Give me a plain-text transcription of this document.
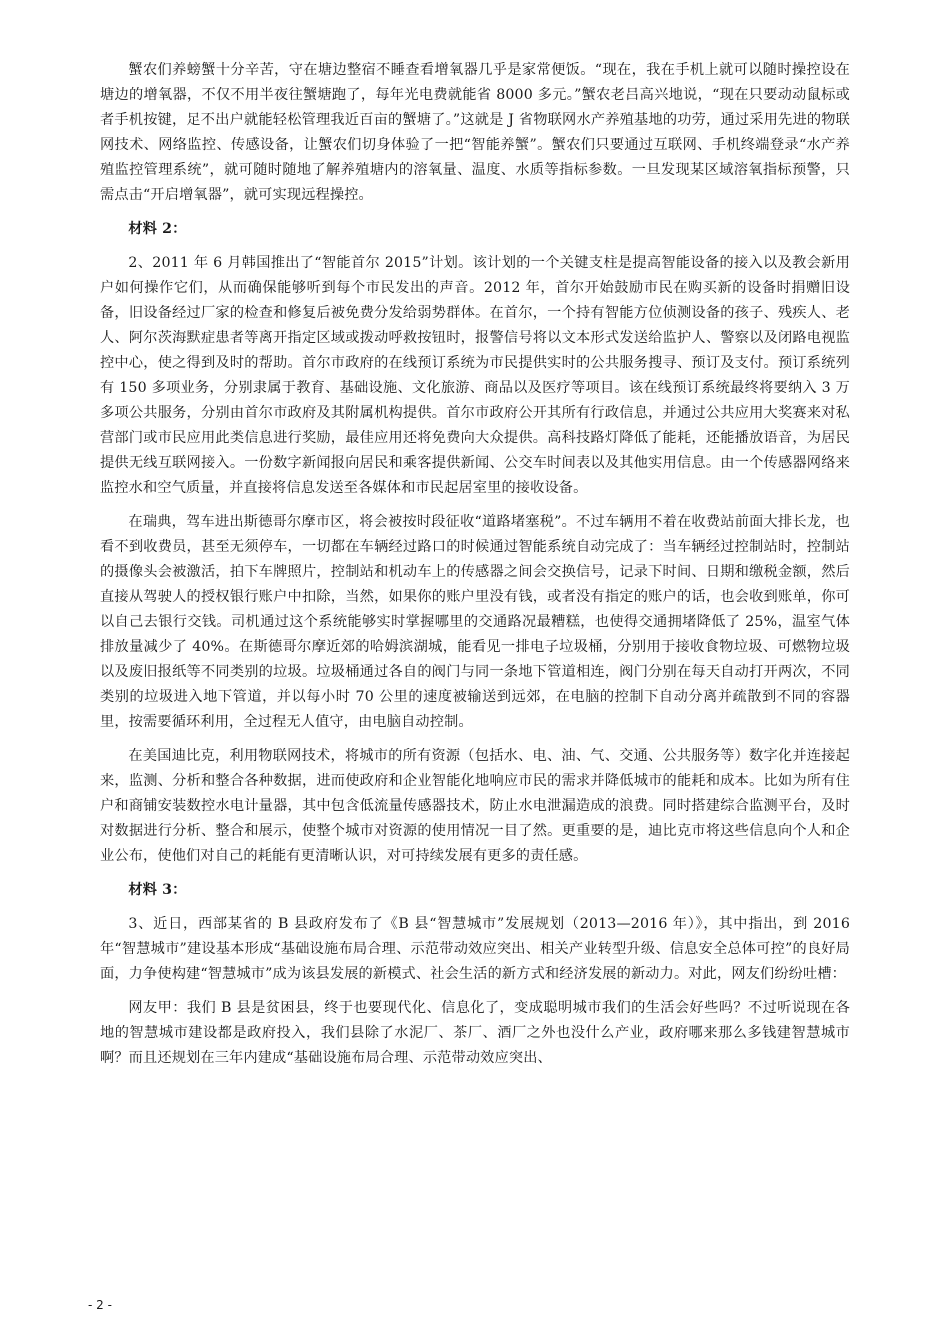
蟹农们养螃蟹十分辛苦，守在塘边整宿不睡查看增氧器几乎是家常便饭。“现在，我在手机上就可以随时操控设在塘边的增氧器，不仅不用半夜往蟹塘跑了，每年光电费就能省 8000 多元。”蟹农老吕高兴地说，“现在只要动动鼠标或者手机按键，足不出户就能轻松管理我近百亩的蟹塘了。”这就是 J 省物联网水产养殖基地的功劳，通过采用先进的物联网技术、网络监控、传感设备，让蟹农们切身体验了一把“智能养蟹”。蟹农们只要通过互联网、手机终端登录“水产养殖监控管理系统”，就可随时随地了解养殖塘内的溶氧量、温度、水质等指标参数。一旦发现某区域溶氧指标预警，只需点击“开启增氧器”，就可实现远程操控。

材料 2：

2、2011 年 6 月韩国推出了“智能首尔 2015”计划。该计划的一个关键支柱是提高智能设备的接入以及教会新用户如何操作它们，从而确保能够听到每个市民发出的声音。2012 年，首尔开始鼓励市民在购买新的设备时捐赠旧设备，旧设备经过厂家的检查和修复后被免费分发给弱势群体。在首尔，一个持有智能方位侦测设备的孩子、残疾人、老人、阿尔茨海默症患者等离开指定区域或拨动呼救按钮时，报警信号将以文本形式发送给监护人、警察以及闭路电视监控中心，使之得到及时的帮助。首尔市政府的在线预订系统为市民提供实时的公共服务搜寻、预订及支付。预订系统列有 150 多项业务，分别隶属于教育、基础设施、文化旅游、商品以及医疗等项目。该在线预订系统最终将要纳入 3 万多项公共服务，分别由首尔市政府及其附属机构提供。首尔市政府公开其所有行政信息，并通过公共应用大奖赛来对私营部门或市民应用此类信息进行奖励，最佳应用还将免费向大众提供。高科技路灯降低了能耗，还能播放语音，为居民提供无线互联网接入。一份数字新闻报向居民和乘客提供新闻、公交车时间表以及其他实用信息。由一个传感器网络来监控水和空气质量，并直接将信息发送至各媒体和市民起居室里的接收设备。

在瑞典，驾车进出斯德哥尔摩市区，将会被按时段征收“道路堵塞税”。不过车辆用不着在收费站前面大排长龙，也看不到收费员，甚至无须停车，一切都在车辆经过路口的时候通过智能系统自动完成了：当车辆经过控制站时，控制站的摄像头会被激活，拍下车牌照片，控制站和机动车上的传感器之间会交换信号，记录下时间、日期和缴税金额，然后直接从驾驶人的授权银行账户中扣除，当然，如果你的账户里没有钱，或者没有指定的账户的话，也会收到账单，你可以自己去银行交钱。司机通过这个系统能够实时掌握哪里的交通路况最糟糕，也使得交通拥堵降低了 25%，温室气体排放量减少了 40%。在斯德哥尔摩近郊的哈姆滨湖城，能看见一排电子垃圾桶，分别用于接收食物垃圾、可燃物垃圾以及废旧报纸等不同类别的垃圾。垃圾桶通过各自的阀门与同一条地下管道相连，阀门分别在每天自动打开两次，不同类别的垃圾进入地下管道，并以每小时 70 公里的速度被输送到远郊，在电脑的控制下自动分离并疏散到不同的容器里，按需要循环利用，全过程无人值守，由电脑自动控制。

在美国迪比克，利用物联网技术，将城市的所有资源（包括水、电、油、气、交通、公共服务等）数字化并连接起来，监测、分析和整合各种数据，进而使政府和企业智能化地响应市民的需求并降低城市的能耗和成本。比如为所有住户和商铺安装数控水电计量器，其中包含低流量传感器技术，防止水电泄漏造成的浪费。同时搭建综合监测平台，及时对数据进行分析、整合和展示，使整个城市对资源的使用情况一目了然。更重要的是，迪比克市将这些信息向个人和企业公布，使他们对自己的耗能有更清晰认识，对可持续发展有更多的责任感。

材料 3：

3、近日，西部某省的 B 县政府发布了《B 县“智慧城市”发展规划（2013—2016 年）》，其中指出，到 2016 年“智慧城市”建设基本形成“基础设施布局合理、示范带动效应突出、相关产业转型升级、信息安全总体可控”的良好局面，力争使构建“智慧城市”成为该县发展的新模式、社会生活的新方式和经济发展的新动力。对此，网友们纷纷吐槽：

网友甲：我们 B 县是贫困县，终于也要现代化、信息化了，变成聪明城市我们的生活会好些吗？不过听说现在各地的智慧城市建设都是政府投入，我们县除了水泥厂、茶厂、酒厂之外也没什么产业，政府哪来那么多钱建智慧城市啊？而且还规划在三年内建成“基础设施布局合理、示范带动效应突出、

- 2 -
